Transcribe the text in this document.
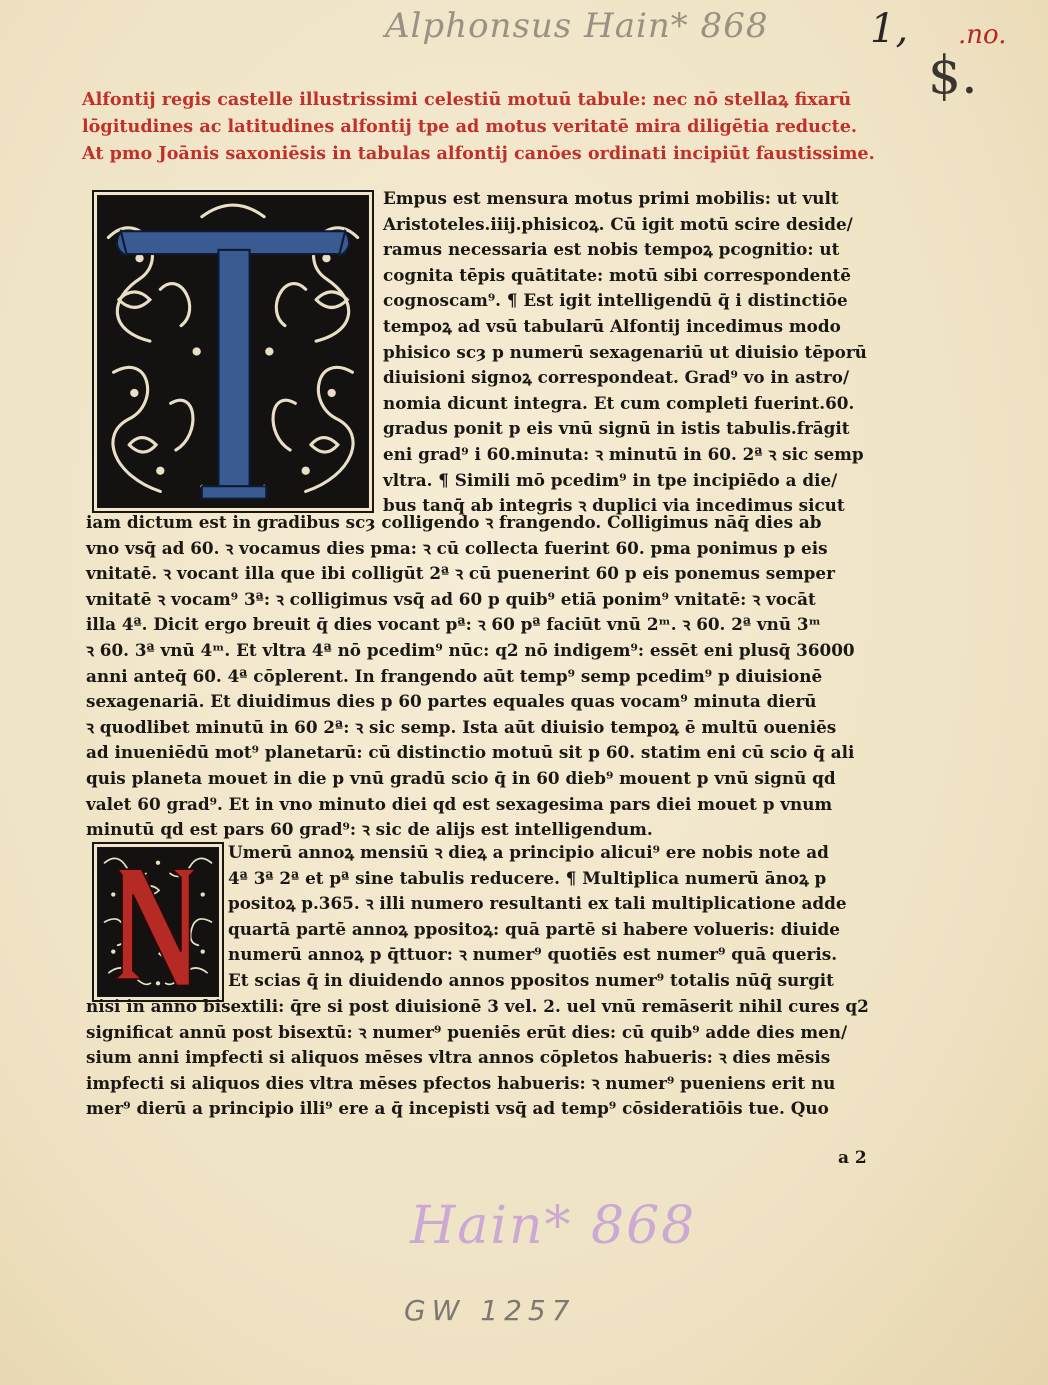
Alphonsus Hain* 868	1, .no.
$.

Alfontij regis castelle illustrissimi celestiū motuū tabule: nec nō stellaꝝ fixarū lōgitudines ac latitudines alfontij tpe ad motus veritatē mira diligētia reducte. At pmo Joānis saxoniēsis in tabulas alfontij canōes ordinati incipiūt faustissime.

Empus est mensura motus primi mobilis: ut vult
Aristoteles.iiij.phisicoꝝ. Cū igit motū scire deside/
ramus necessaria est nobis tempoꝝ pcognitio: ut
cognita tēpis quātitate: motū sibi correspondentē
cognoscam⁹. ¶ Est igit intelligendū q̄ i distinctiōe
tempoꝝ ad vsū tabularū Alfontij incedimus modo
phisico scȝ p numerū sexagenariū ut diuisio tēporū
diuisioni signoꝝ correspondeat. Grad⁹ vo in astro/
nomia dicunt integra. Et cum completi fuerint.60.
gradus ponit p eis vnū signū in istis tabulis.frāgit
eni grad⁹ i 60.minuta: ꝛ minutū in 60. 2ª ꝛ sic semp
vltra. ¶ Simili mō pcedim⁹ in tpe incipiēdo a die/
bus tanq̄ ab integris ꝛ duplici via incedimus sicut
iam dictum est in gradibus scȝ colligendo ꝛ frangendo. Colligimus nāq̄ dies ab
vno vsq̄ ad 60. ꝛ vocamus dies pma: ꝛ cū collecta fuerint 60. pma ponimus p eis
vnitatē. ꝛ vocant illa que ibi colligūt 2ª ꝛ cū puenerint 60 p eis ponemus semper
vnitatē ꝛ vocam⁹ 3ª: ꝛ colligimus vsq̄ ad 60 p quib⁹ etiā ponim⁹ vnitatē: ꝛ vocāt
illa 4ª. Dicit ergo breuit q̄ dies vocant pª: ꝛ 60 pª faciūt vnū 2ᵐ. ꝛ 60. 2ª vnū 3ᵐ
ꝛ 60. 3ª vnū 4ᵐ. Et vltra 4ª nō pcedim⁹ nūc: q2 nō indigem⁹: essēt eni plusq̄ 36000
anni anteq̄ 60. 4ª cōplerent. In frangendo aūt temp⁹ semp pcedim⁹ p diuisionē
sexagenariā. Et diuidimus dies p 60 partes equales quas vocam⁹ minuta dierū
ꝛ quodlibet minutū in 60 2ª: ꝛ sic semp. Ista aūt diuisio tempoꝝ ē multū oueniēs
ad inueniēdū mot⁹ planetarū: cū distinctio motuū sit p 60. statim eni cū scio q̄ ali
quis planeta mouet in die p vnū gradū scio q̄ in 60 dieb⁹ mouent p vnū signū qd
valet 60 grad⁹. Et in vno minuto diei qd est sexagesima pars diei mouet p vnum
minutū qd est pars 60 grad⁹: ꝛ sic de alijs est intelligendum.
Umerū annoꝝ mensiū ꝛ dieꝝ a principio alicui⁹ ere nobis note ad
4ª 3ª 2ª et pª sine tabulis reducere. ¶ Multiplica numerū ānoꝝ p
positoꝝ p.365. ꝛ illi numero resultanti ex tali multiplicatione adde
quartā partē annoꝝ ppositoꝝ: quā partē si habere volueris: diuide
numerū annoꝝ p q̄ttuor: ꝛ numer⁹ quotiēs est numer⁹ quā queris.
Et scias q̄ in diuidendo annos ppositos numer⁹ totalis nūq̄ surgit
nisi in anno bisextili: q̄re si post diuisionē 3 vel. 2. uel vnū remāserit nihil cures q2
significat annū post bisextū: ꝛ numer⁹ pueniēs erūt dies: cū quib⁹ adde dies men/
sium anni impfecti si aliquos mēses vltra annos cōpletos habueris: ꝛ dies mēsis
impfecti si aliquos dies vltra mēses pfectos habueris: ꝛ numer⁹ pueniens erit nu
mer⁹ dierū a principio illi⁹ ere a q̄ incepisti vsq̄ ad temp⁹ cōsideratiōis tue. Quo
a 2
Hain* 868
GW 1257
